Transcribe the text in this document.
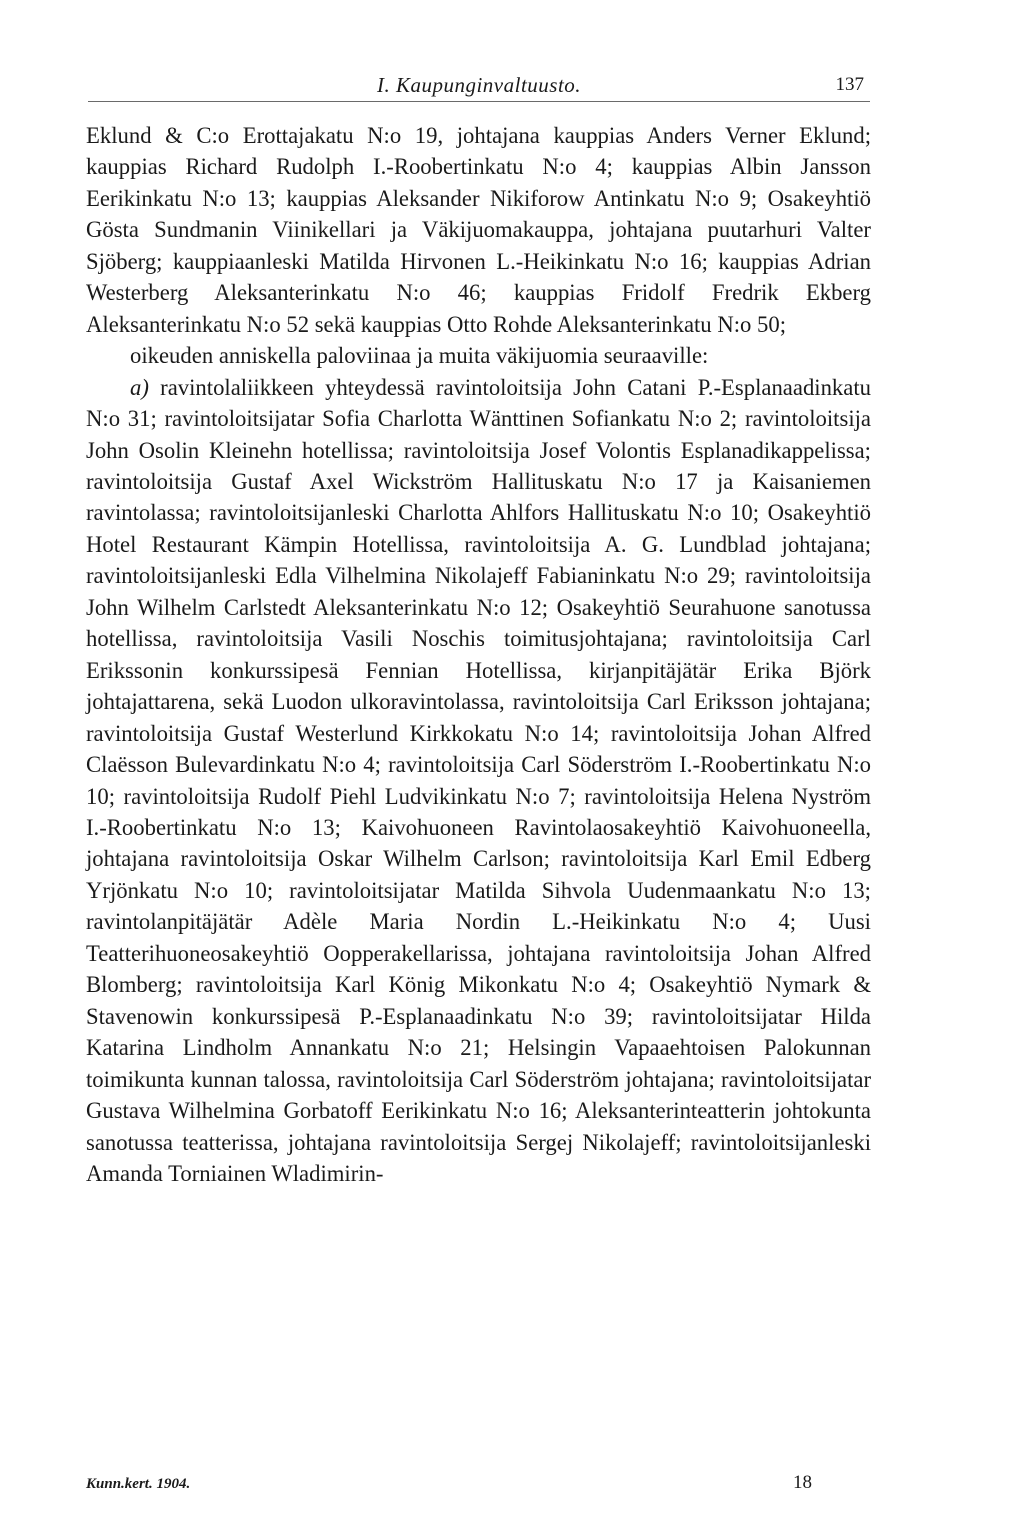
I. Kaupunginvaltuusto.	137

Eklund & C:o Erottajakatu N:o 19, johtajana kauppias Anders Verner Eklund; kauppias Richard Rudolph I.-Roobertinkatu N:o 4; kauppias Albin Jansson Eerikinkatu N:o 13; kauppias Aleksander Nikiforow Antinkatu N:o 9; Osakeyhtiö Gösta Sundmanin Viinikellari ja Väkijuomakauppa, johtajana puutarhuri Valter Sjöberg; kauppiaanleski Matilda Hirvonen L.-Heikinkatu N:o 16; kauppias Adrian Westerberg Aleksanterinkatu N:o 46; kauppias Fridolf Fredrik Ekberg Aleksanterinkatu N:o 52 sekä kauppias Otto Rohde Aleksanterinkatu N:o 50;

oikeuden anniskella paloviinaa ja muita väkijuomia seuraaville:

a) ravintolaliikkeen yhteydessä ravintoloitsija John Catani P.-Esplanaadinkatu N:o 31; ravintoloitsijatar Sofia Charlotta Wänttinen Sofiankatu N:o 2; ravintoloitsija John Osolin Kleinehn hotellissa; ravintoloitsija Josef Volontis Esplanadikappelissa; ravintoloitsija Gustaf Axel Wickström Hallituskatu N:o 17 ja Kaisaniemen ravintolassa; ravintoloitsijanleski Charlotta Ahlfors Hallituskatu N:o 10; Osakeyhtiö Hotel Restaurant Kämpin Hotellissa, ravintoloitsija A. G. Lundblad johtajana; ravintoloitsijanleski Edla Vilhelmina Nikolajeff Fabianinkatu N:o 29; ravintoloitsija John Wilhelm Carlstedt Aleksanterinkatu N:o 12; Osakeyhtiö Seurahuone sanotussa hotellissa, ravintoloitsija Vasili Noschis toimitusjohtajana; ravintoloitsija Carl Erikssonin konkurssipesä Fennian Hotellissa, kirjanpitäjätär Erika Björk johtajattarena, sekä Luodon ulkoravintolassa, ravintoloitsija Carl Eriksson johtajana; ravintoloitsija Gustaf Westerlund Kirkkokatu N:o 14; ravintoloitsija Johan Alfred Claësson Bulevardinkatu N:o 4; ravintoloitsija Carl Söderström I.-Roobertinkatu N:o 10; ravintoloitsija Rudolf Piehl Ludvikinkatu N:o 7; ravintoloitsija Helena Nyström I.-Roobertinkatu N:o 13; Kaivohuoneen Ravintolaosakeyhtiö Kaivohuoneella, johtajana ravintoloitsija Oskar Wilhelm Carlson; ravintoloitsija Karl Emil Edberg Yrjönkatu N:o 10; ravintoloitsijatar Matilda Sihvola Uudenmaankatu N:o 13; ravintolanpitäjätär Adèle Maria Nordin L.-Heikinkatu N:o 4; Uusi Teatterihuoneosakeyhtiö Oopperakellarissa, johtajana ravintoloitsija Johan Alfred Blomberg; ravintoloitsija Karl König Mikonkatu N:o 4; Osakeyhtiö Nymark & Stavenowin konkurssipesä P.-Esplanaadinkatu N:o 39; ravintoloitsijatar Hilda Katarina Lindholm Annankatu N:o 21; Helsingin Vapaaehtoisen Palokunnan toimikunta kunnan talossa, ravintoloitsija Carl Söderström johtajana; ravintoloitsijatar Gustava Wilhelmina Gorbatoff Eerikinkatu N:o 16; Aleksanterinteatterin johtokunta sanotussa teatterissa, johtajana ravintoloitsija Sergej Nikolajeff; ravintoloitsijanleski Amanda Torniainen Wladimirin-

Kunn.kert. 1904.	18
